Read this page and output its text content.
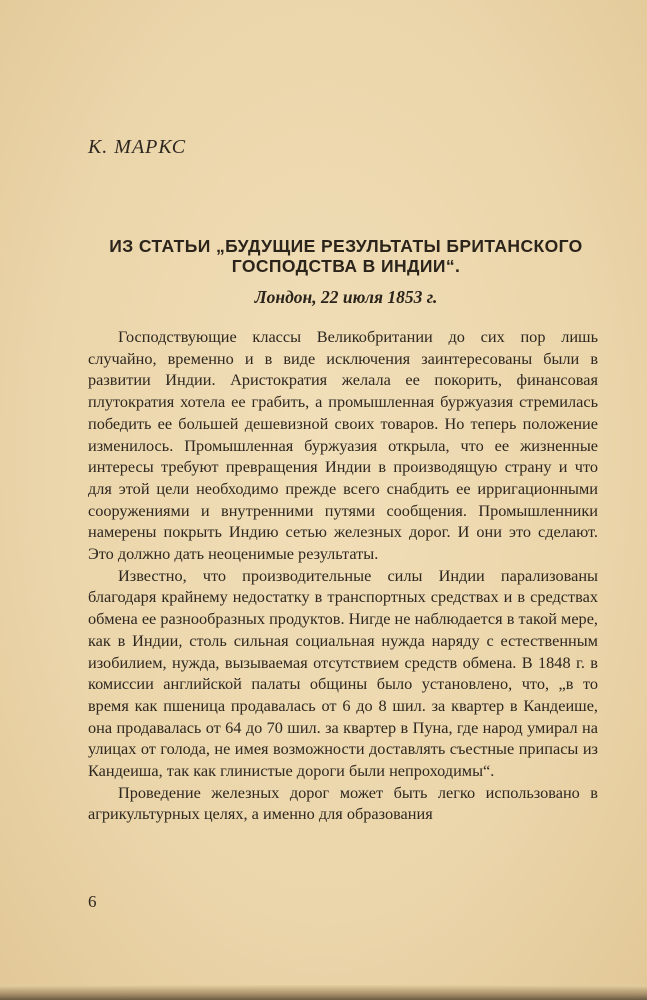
К. МАРКС
ИЗ СТАТЬИ „БУДУЩИЕ РЕЗУЛЬТАТЫ БРИТАНСКОГО
ГОСПОДСТВА В ИНДИИ“.
Лондон, 22 июля 1853 г.

Господствующие классы Великобритании до сих пор лишь случайно, временно и в виде исключения заинтересованы были в развитии Индии. Аристократия желала ее покорить, финансовая плутократия хотела ее грабить, а промышленная буржуазия стремилась победить ее большей дешевизной своих товаров. Но теперь положение изменилось. Промышленная буржуазия открыла, что ее жизненные интересы требуют превращения Индии в производящую страну и что для этой цели необходимо прежде всего снабдить ее ирригационными сооружениями и внутренними путями сообщения. Промышленники намерены покрыть Индию сетью железных дорог. И они это сделают. Это должно дать неоценимые результаты.

Известно, что производительные силы Индии парализованы благодаря крайнему недостатку в транспортных средствах и в средствах обмена ее разнообразных продуктов. Нигде не наблюдается в такой мере, как в Индии, столь сильная социальная нужда наряду с естественным изобилием, нужда, вызываемая отсутствием средств обмена. В 1848 г. в комиссии английской палаты общины было установлено, что, „в то время как пшеница продавалась от 6 до 8 шил. за квартер в Кандеише, она продавалась от 64 до 70 шил. за квартер в Пуна, где народ умирал на улицах от голода, не имея возможности доставлять съестные припасы из Кандеиша, так как глинистые дороги были непроходимы“.

Проведение железных дорог может быть легко использовано в агрикультурных целях, а именно для образования

6
